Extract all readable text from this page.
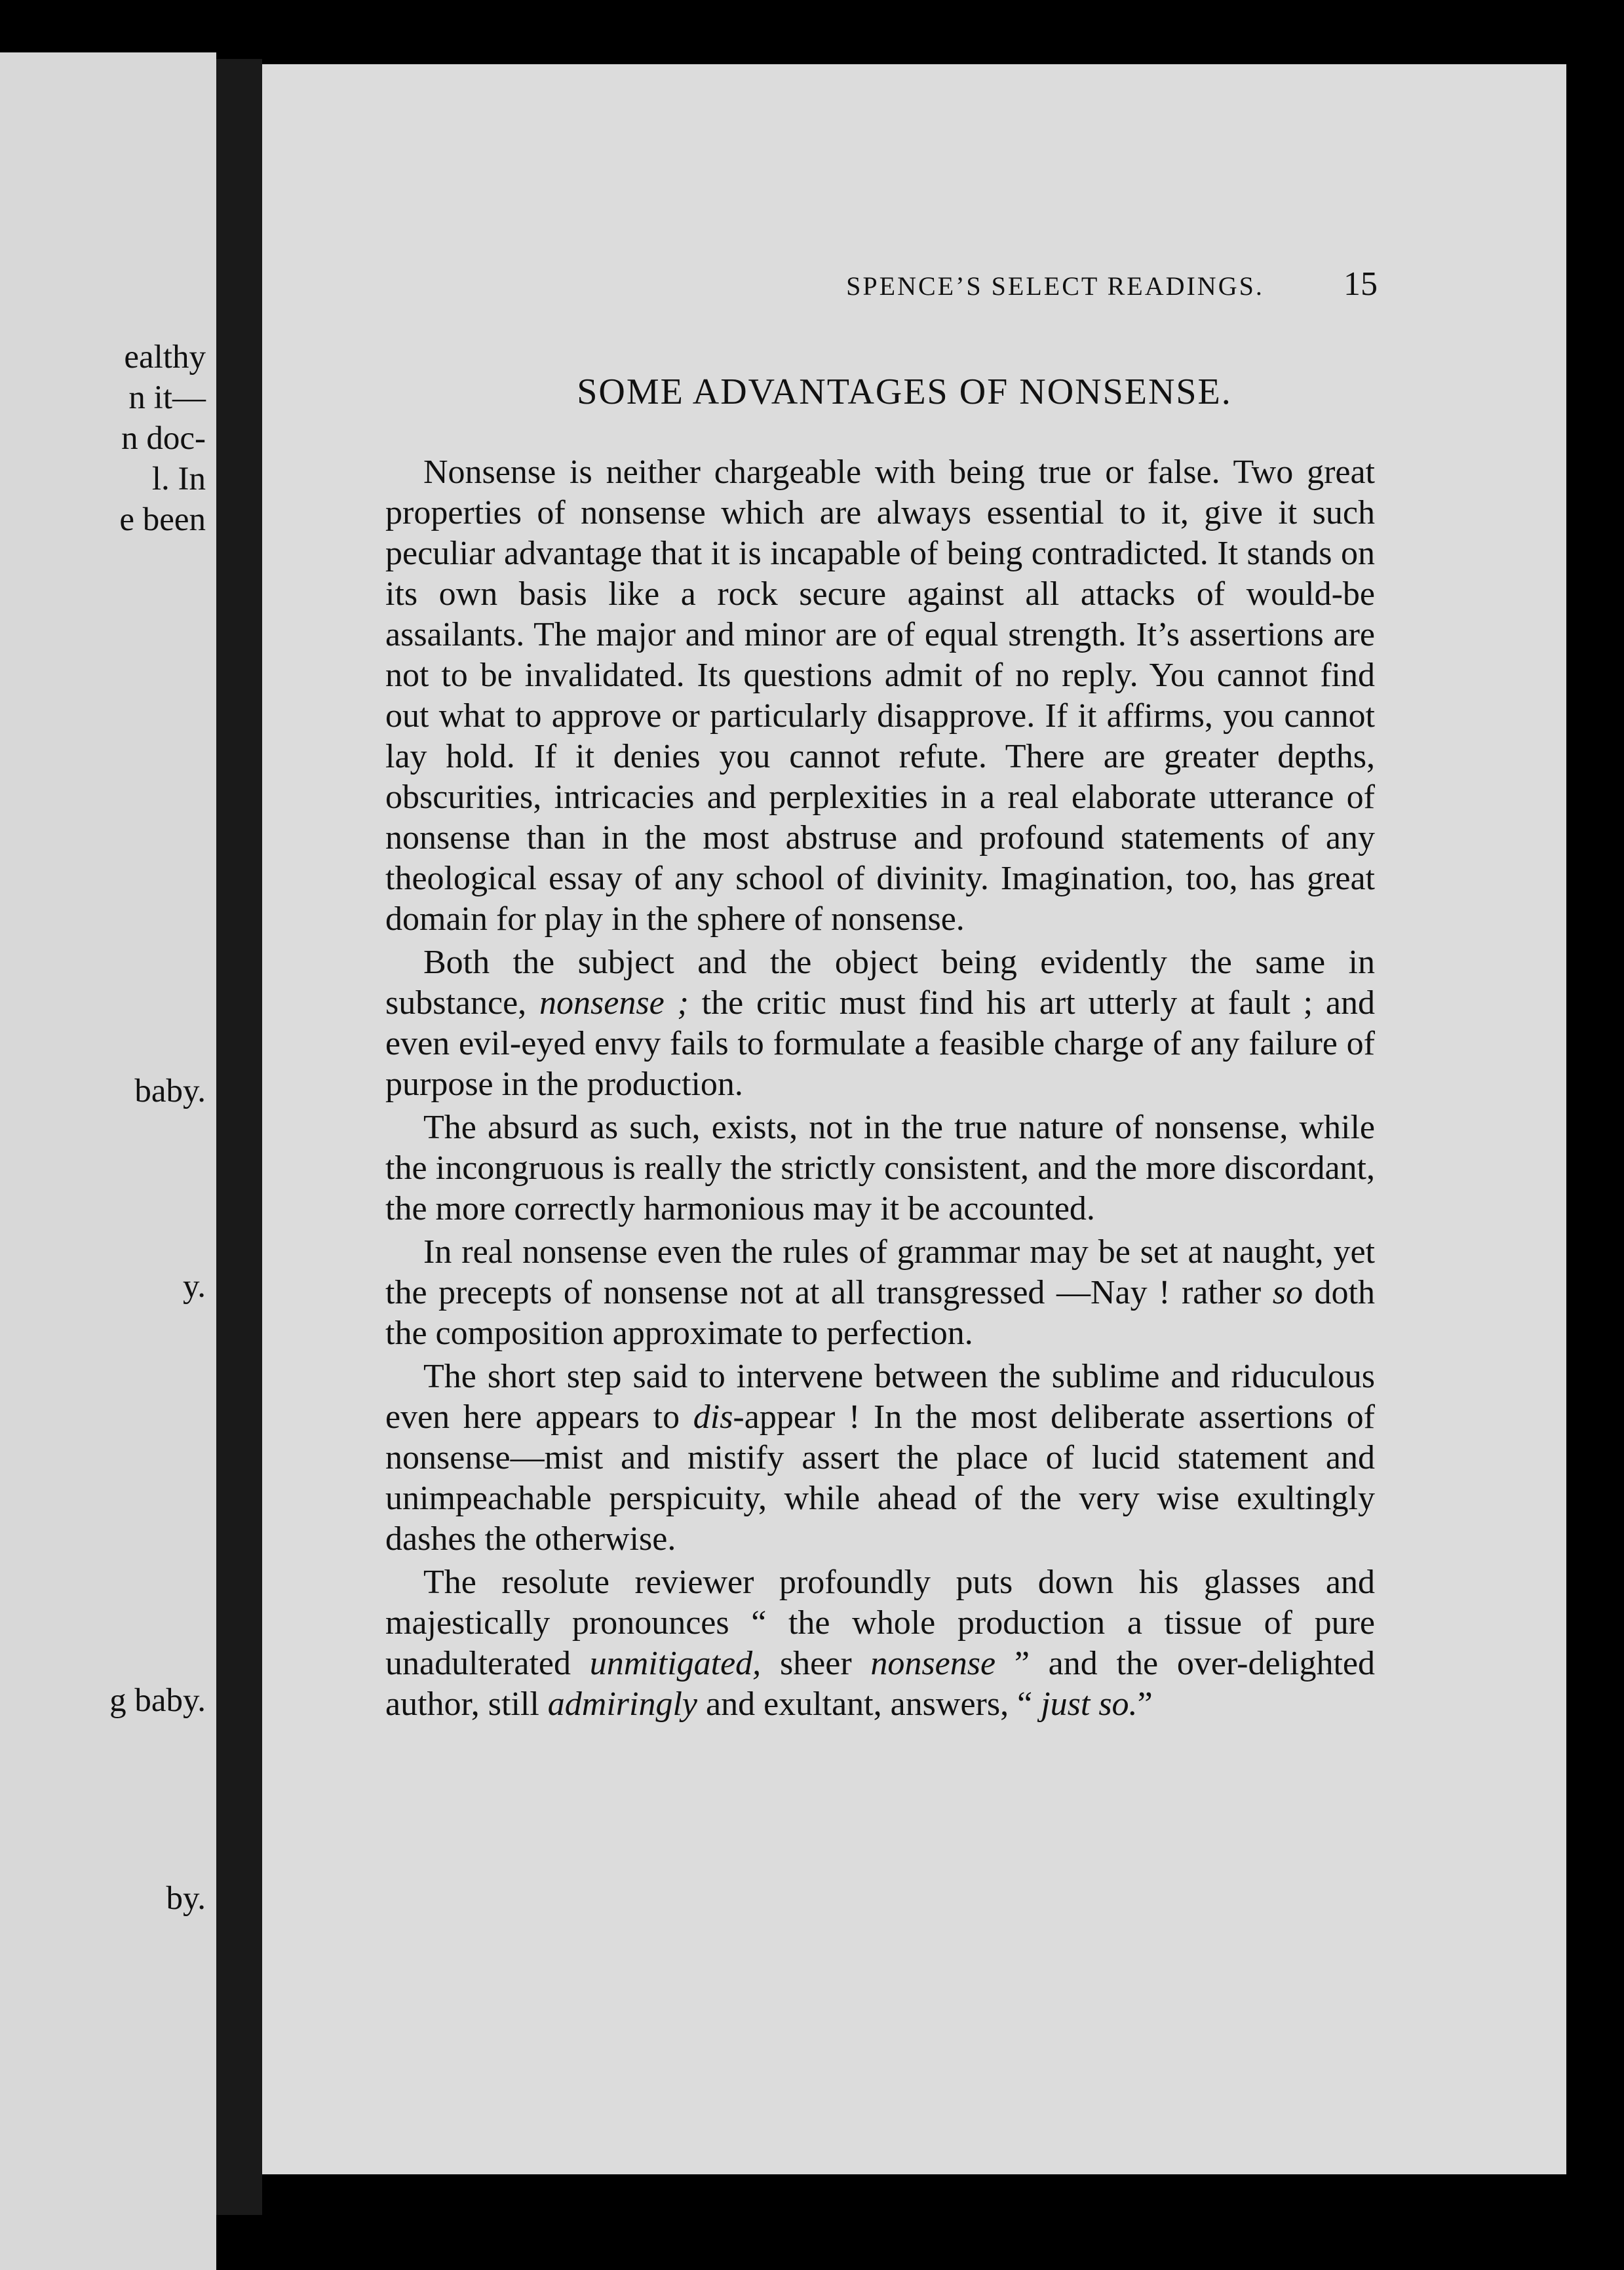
ealthy
n it—
n doc-
l. In
e been
baby.
y.
g baby.
by.
SPENCE’S SELECT READINGS.	15
SOME ADVANTAGES OF NONSENSE.

Nonsense is neither chargeable with being true or false. Two great properties of nonsense which are always essential to it, give it such peculiar advantage that it is incapable of being contradicted. It stands on its own basis like a rock secure against all attacks of would-be assailants. The major and minor are of equal strength. It’s assertions are not to be invalidated. Its questions admit of no reply. You cannot find out what to approve or particularly disapprove. If it affirms, you cannot lay hold. If it denies you cannot refute. There are greater depths, obscurities, intricacies and perplexities in a real elaborate utterance of nonsense than in the most abstruse and profound statements of any theological essay of any school of divinity. Imagination, too, has great domain for play in the sphere of nonsense.

Both the subject and the object being evidently the same in substance, nonsense ; the critic must find his art utterly at fault ; and even evil-eyed envy fails to formulate a feasible charge of any failure of purpose in the production.

The absurd as such, exists, not in the true nature of nonsense, while the incongruous is really the strictly consistent, and the more discordant, the more correctly harmonious may it be accounted.

In real nonsense even the rules of grammar may be set at naught, yet the precepts of nonsense not at all transgressed —Nay ! rather so doth the composition approximate to perfection.

The short step said to intervene between the sublime and riduculous even here appears to dis-appear ! In the most deliberate assertions of nonsense—mist and mistify assert the place of lucid statement and unimpeachable perspicuity, while ahead of the very wise exultingly dashes the otherwise.

The resolute reviewer profoundly puts down his glasses and majestically pronounces “ the whole production a tissue of pure unadulterated unmitigated, sheer nonsense ” and the over-delighted author, still admiringly and exultant, answers, “ just so.”
